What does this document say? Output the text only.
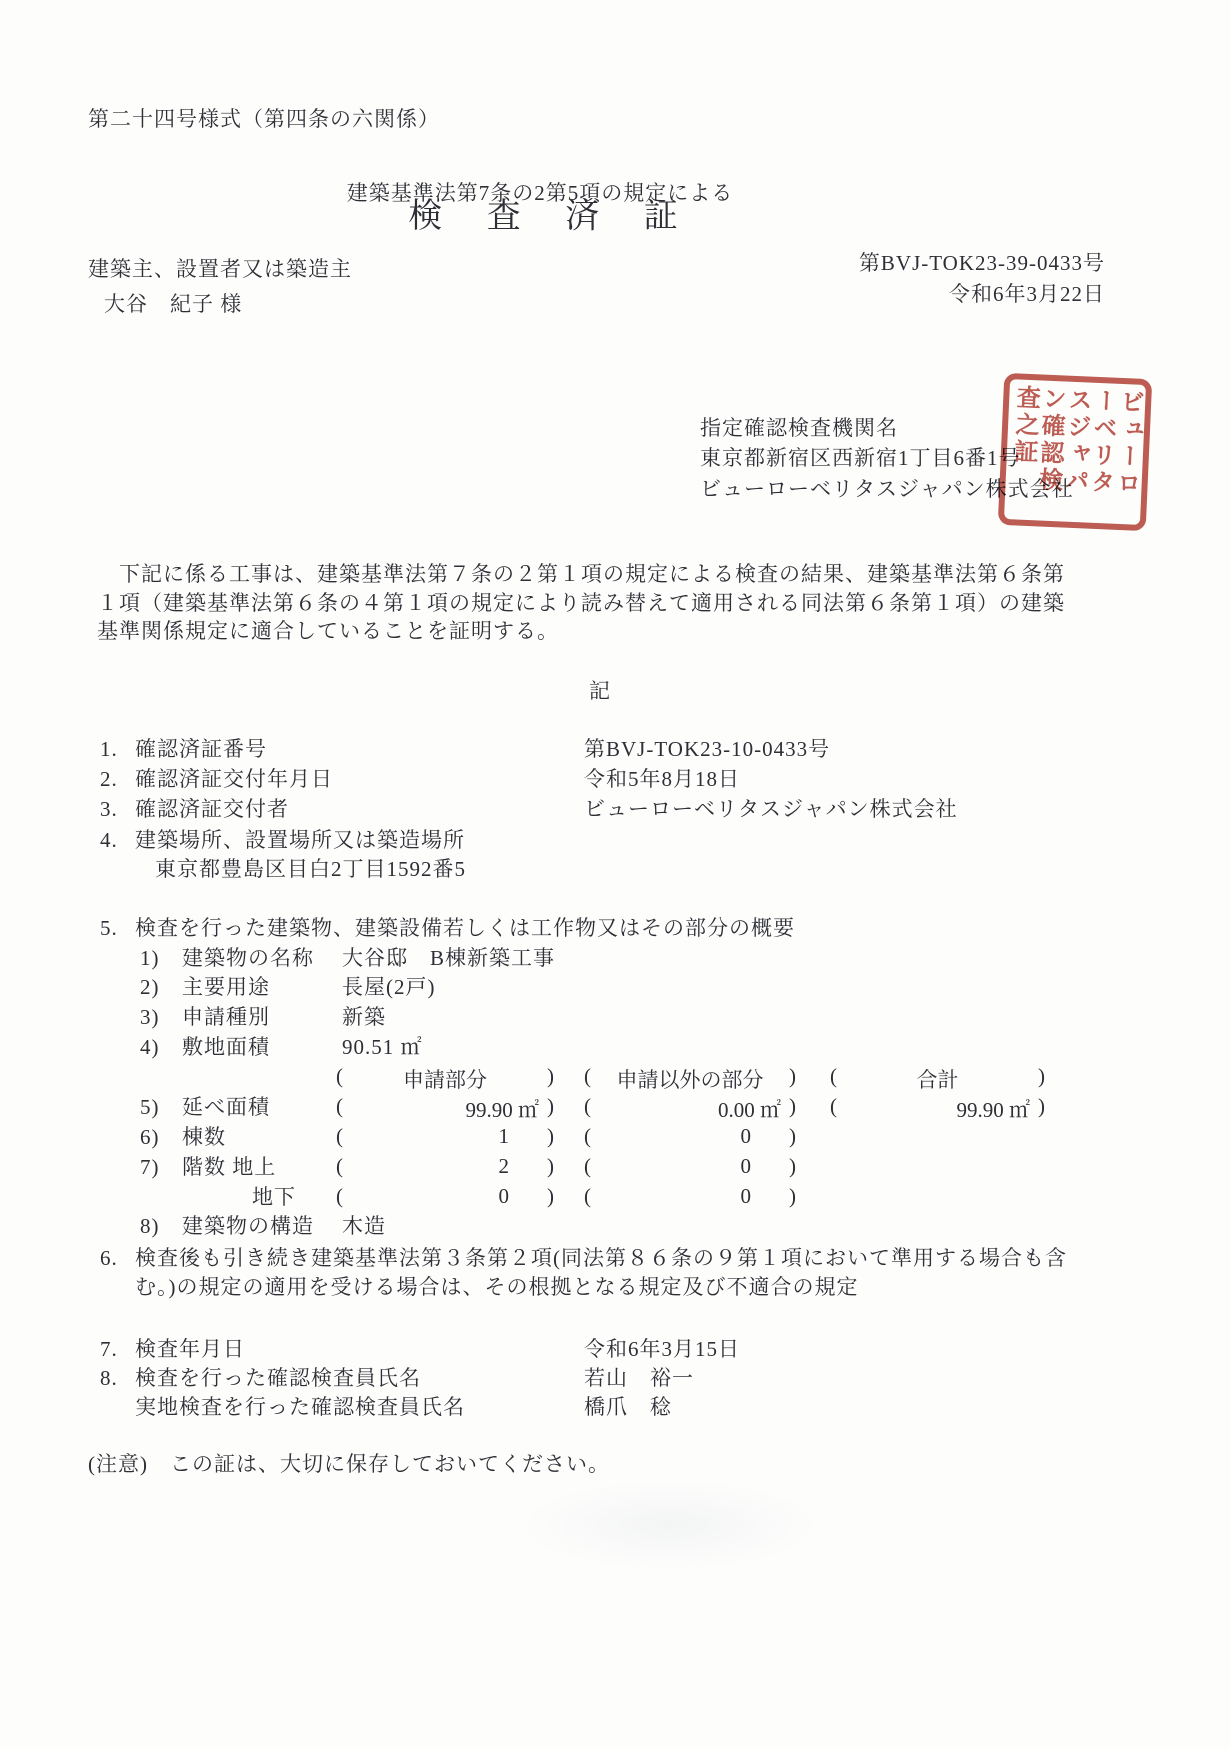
第二十四号様式（第四条の六関係）
建築基準法第7条の2第5項の規定による
検 査 済 証
建築主、設置者又は築造主
大谷　紀子 様
第BVJ-TOK23-39-0433号
令和6年3月22日
指定確認検査機関名
東京都新宿区西新宿1丁目6番1号
ビューローベリタスジャパン株式会社	ビューローベリタスジャパン確認検査之証
　下記に係る工事は、建築基準法第７条の２第１項の規定による検査の結果、建築基準法第６条第
１項（建築基準法第６条の４第１項の規定により読み替えて適用される同法第６条第１項）の建築
基準関係規定に適合していることを証明する。
記
1. 確認済証番号	第BVJ-TOK23-10-0433号
2. 確認済証交付年月日	令和5年8月18日
3. 確認済証交付者	ビューローベリタスジャパン株式会社
4. 建築場所、設置場所又は築造場所
東京都豊島区目白2丁目1592番5
5. 検査を行った建築物、建築設備若しくは工作物又はその部分の概要
1) 建築物の名称 大谷邸　B棟新築工事
2) 主要用途	長屋(2戸)
3) 申請種別	新築
4) 敷地面積	90.51 ㎡
(	申請部分	) (	申請以外の部分	) (	合計	)
5) 延べ面積	(	99.90 ㎡ ) (	0.00 ㎡ ) (	99.90 ㎡ )
6) 棟数	(	1	) (	0	)
7) 階数 地上	(	2	) (	0	)
地下 (	0	) (	0	)
8) 建築物の構造 木造
6. 検査後も引き続き建築基準法第３条第２項(同法第８６条の９第１項において準用する場合も含
む。)の規定の適用を受ける場合は、その根拠となる規定及び不適合の規定
7. 検査年月日	令和6年3月15日
8. 検査を行った確認検査員氏名	若山　裕一
実地検査を行った確認検査員氏名	橋爪　稔
(注意)　この証は、大切に保存しておいてください。
